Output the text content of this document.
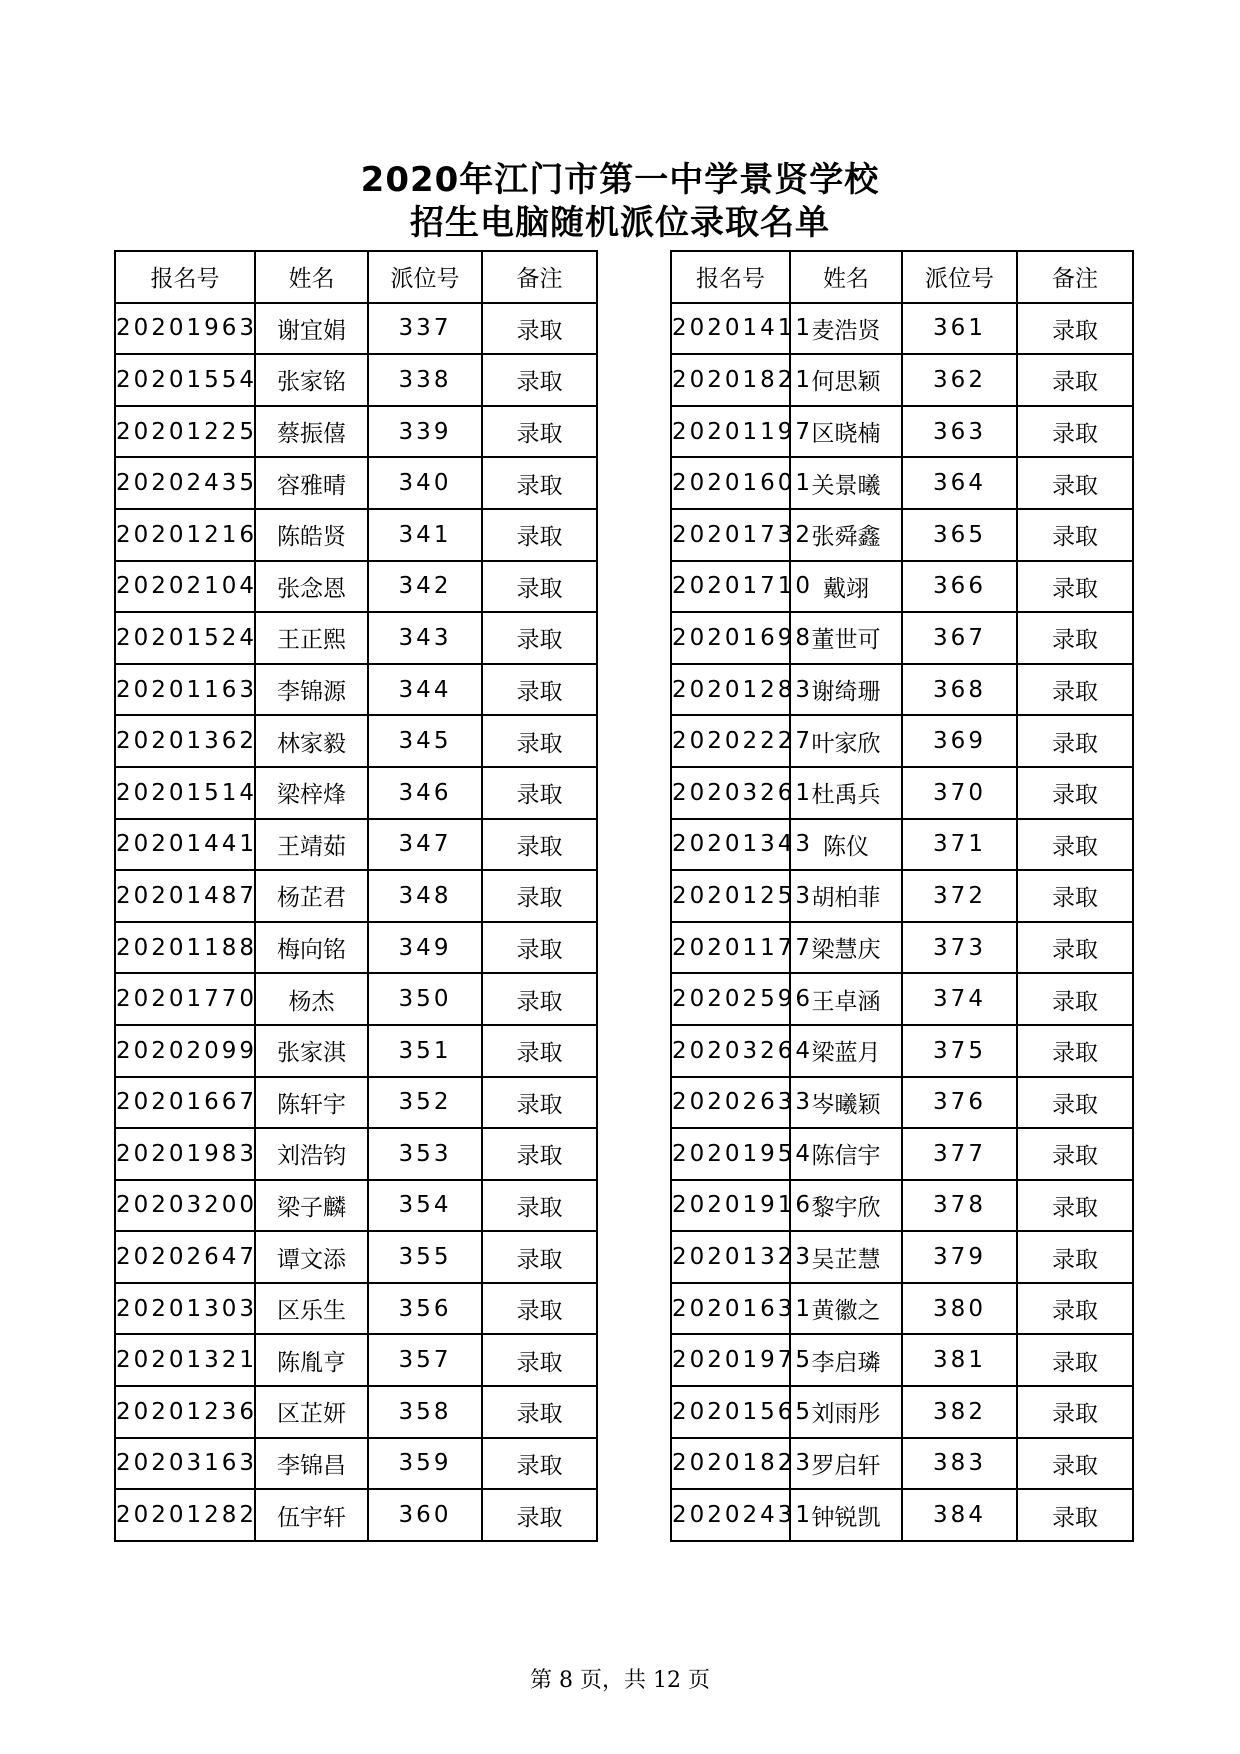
2020年江门市第一中学景贤学校
招生电脑随机派位录取名单
报名号	姓名	派位号	备注
20201963	谢宜娟	337	录取
20201554	张家铭	338	录取
20201225	蔡振僖	339	录取
20202435	容雅晴	340	录取
20201216	陈皓贤	341	录取
20202104	张念恩	342	录取
20201524	王正熙	343	录取
20201163	李锦源	344	录取
20201362	林家毅	345	录取
20201514	梁梓烽	346	录取
20201441	王靖茹	347	录取
20201487	杨芷君	348	录取
20201188	梅向铭	349	录取
20201770	杨杰	350	录取
20202099	张家淇	351	录取
20201667	陈轩宇	352	录取
20201983	刘浩钧	353	录取
20203200	梁子麟	354	录取
20202647	谭文添	355	录取
20201303	区乐生	356	录取
20201321	陈胤亨	357	录取
20201236	区芷妍	358	录取
20203163	李锦昌	359	录取
20201282	伍宇轩	360	录取
报名号	姓名	派位号	备注
20201411	麦浩贤	361	录取
20201821	何思颖	362	录取
20201197	区晓楠	363	录取
20201601	关景曦	364	录取
20201732	张舜鑫	365	录取
20201710	戴翊	366	录取
20201698	董世可	367	录取
20201283	谢绮珊	368	录取
20202227	叶家欣	369	录取
20203261	杜禹兵	370	录取
20201343	陈仪	371	录取
20201253	胡柏菲	372	录取
20201177	梁慧庆	373	录取
20202596	王卓涵	374	录取
20203264	梁蓝月	375	录取
20202633	岑曦颖	376	录取
20201954	陈信宇	377	录取
20201916	黎宇欣	378	录取
20201323	吴芷慧	379	录取
20201631	黄徽之	380	录取
20201975	李启璘	381	录取
20201565	刘雨彤	382	录取
20201823	罗启轩	383	录取
20202431	钟锐凯	384	录取
第 8 页，共 12 页
